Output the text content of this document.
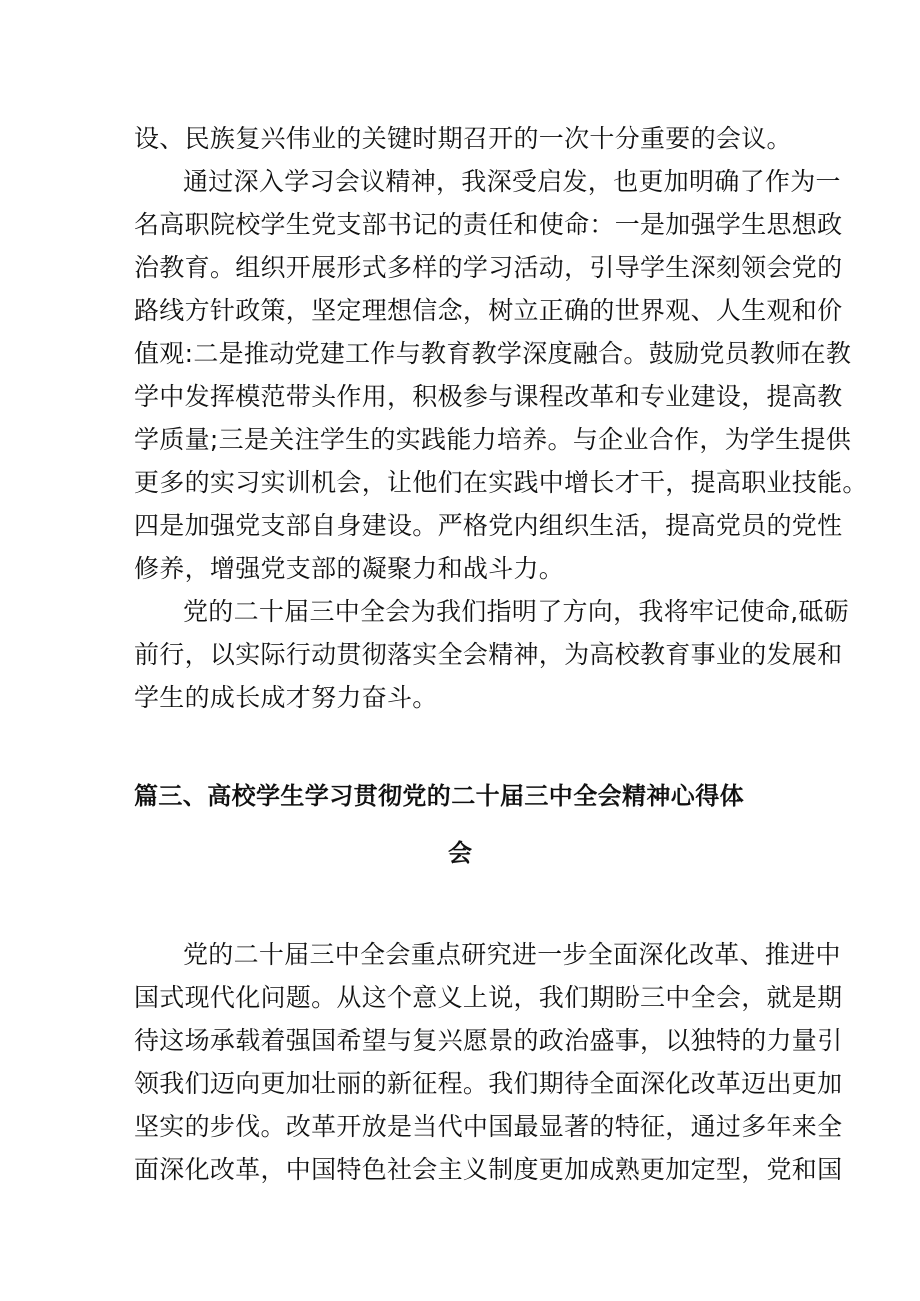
设、民族复兴伟业的关键时期召开的一次十分重要的会议。
通过深入学习会议精神，我深受启发，也更加明确了作为一
名高职院校学生党支部书记的责任和使命：一是加强学生思想政
治教育。组织开展形式多样的学习活动，引导学生深刻领会党的
路线方针政策，坚定理想信念，树立正确的世界观、人生观和价
值观:二是推动党建工作与教育教学深度融合。鼓励党员教师在教
学中发挥模范带头作用，积极参与课程改革和专业建设，提高教
学质量;三是关注学生的实践能力培养。与企业合作，为学生提供
更多的实习实训机会，让他们在实践中增长才干，提高职业技能。
四是加强党支部自身建设。严格党内组织生活，提高党员的党性
修养，增强党支部的凝聚力和战斗力。
党的二十届三中全会为我们指明了方向，我将牢记使命,砥砺
前行，以实际行动贯彻落实全会精神，为高校教育事业的发展和
学生的成长成才努力奋斗。
篇三、高校学生学习贯彻党的二十届三中全会精神心得体
会
党的二十届三中全会重点研究进一步全面深化改革、推进中
国式现代化问题。从这个意义上说，我们期盼三中全会，就是期
待这场承载着强国希望与复兴愿景的政治盛事，以独特的力量引
领我们迈向更加壮丽的新征程。我们期待全面深化改革迈出更加
坚实的步伐。改革开放是当代中国最显著的特征，通过多年来全
面深化改革，中国特色社会主义制度更加成熟更加定型，党和国
